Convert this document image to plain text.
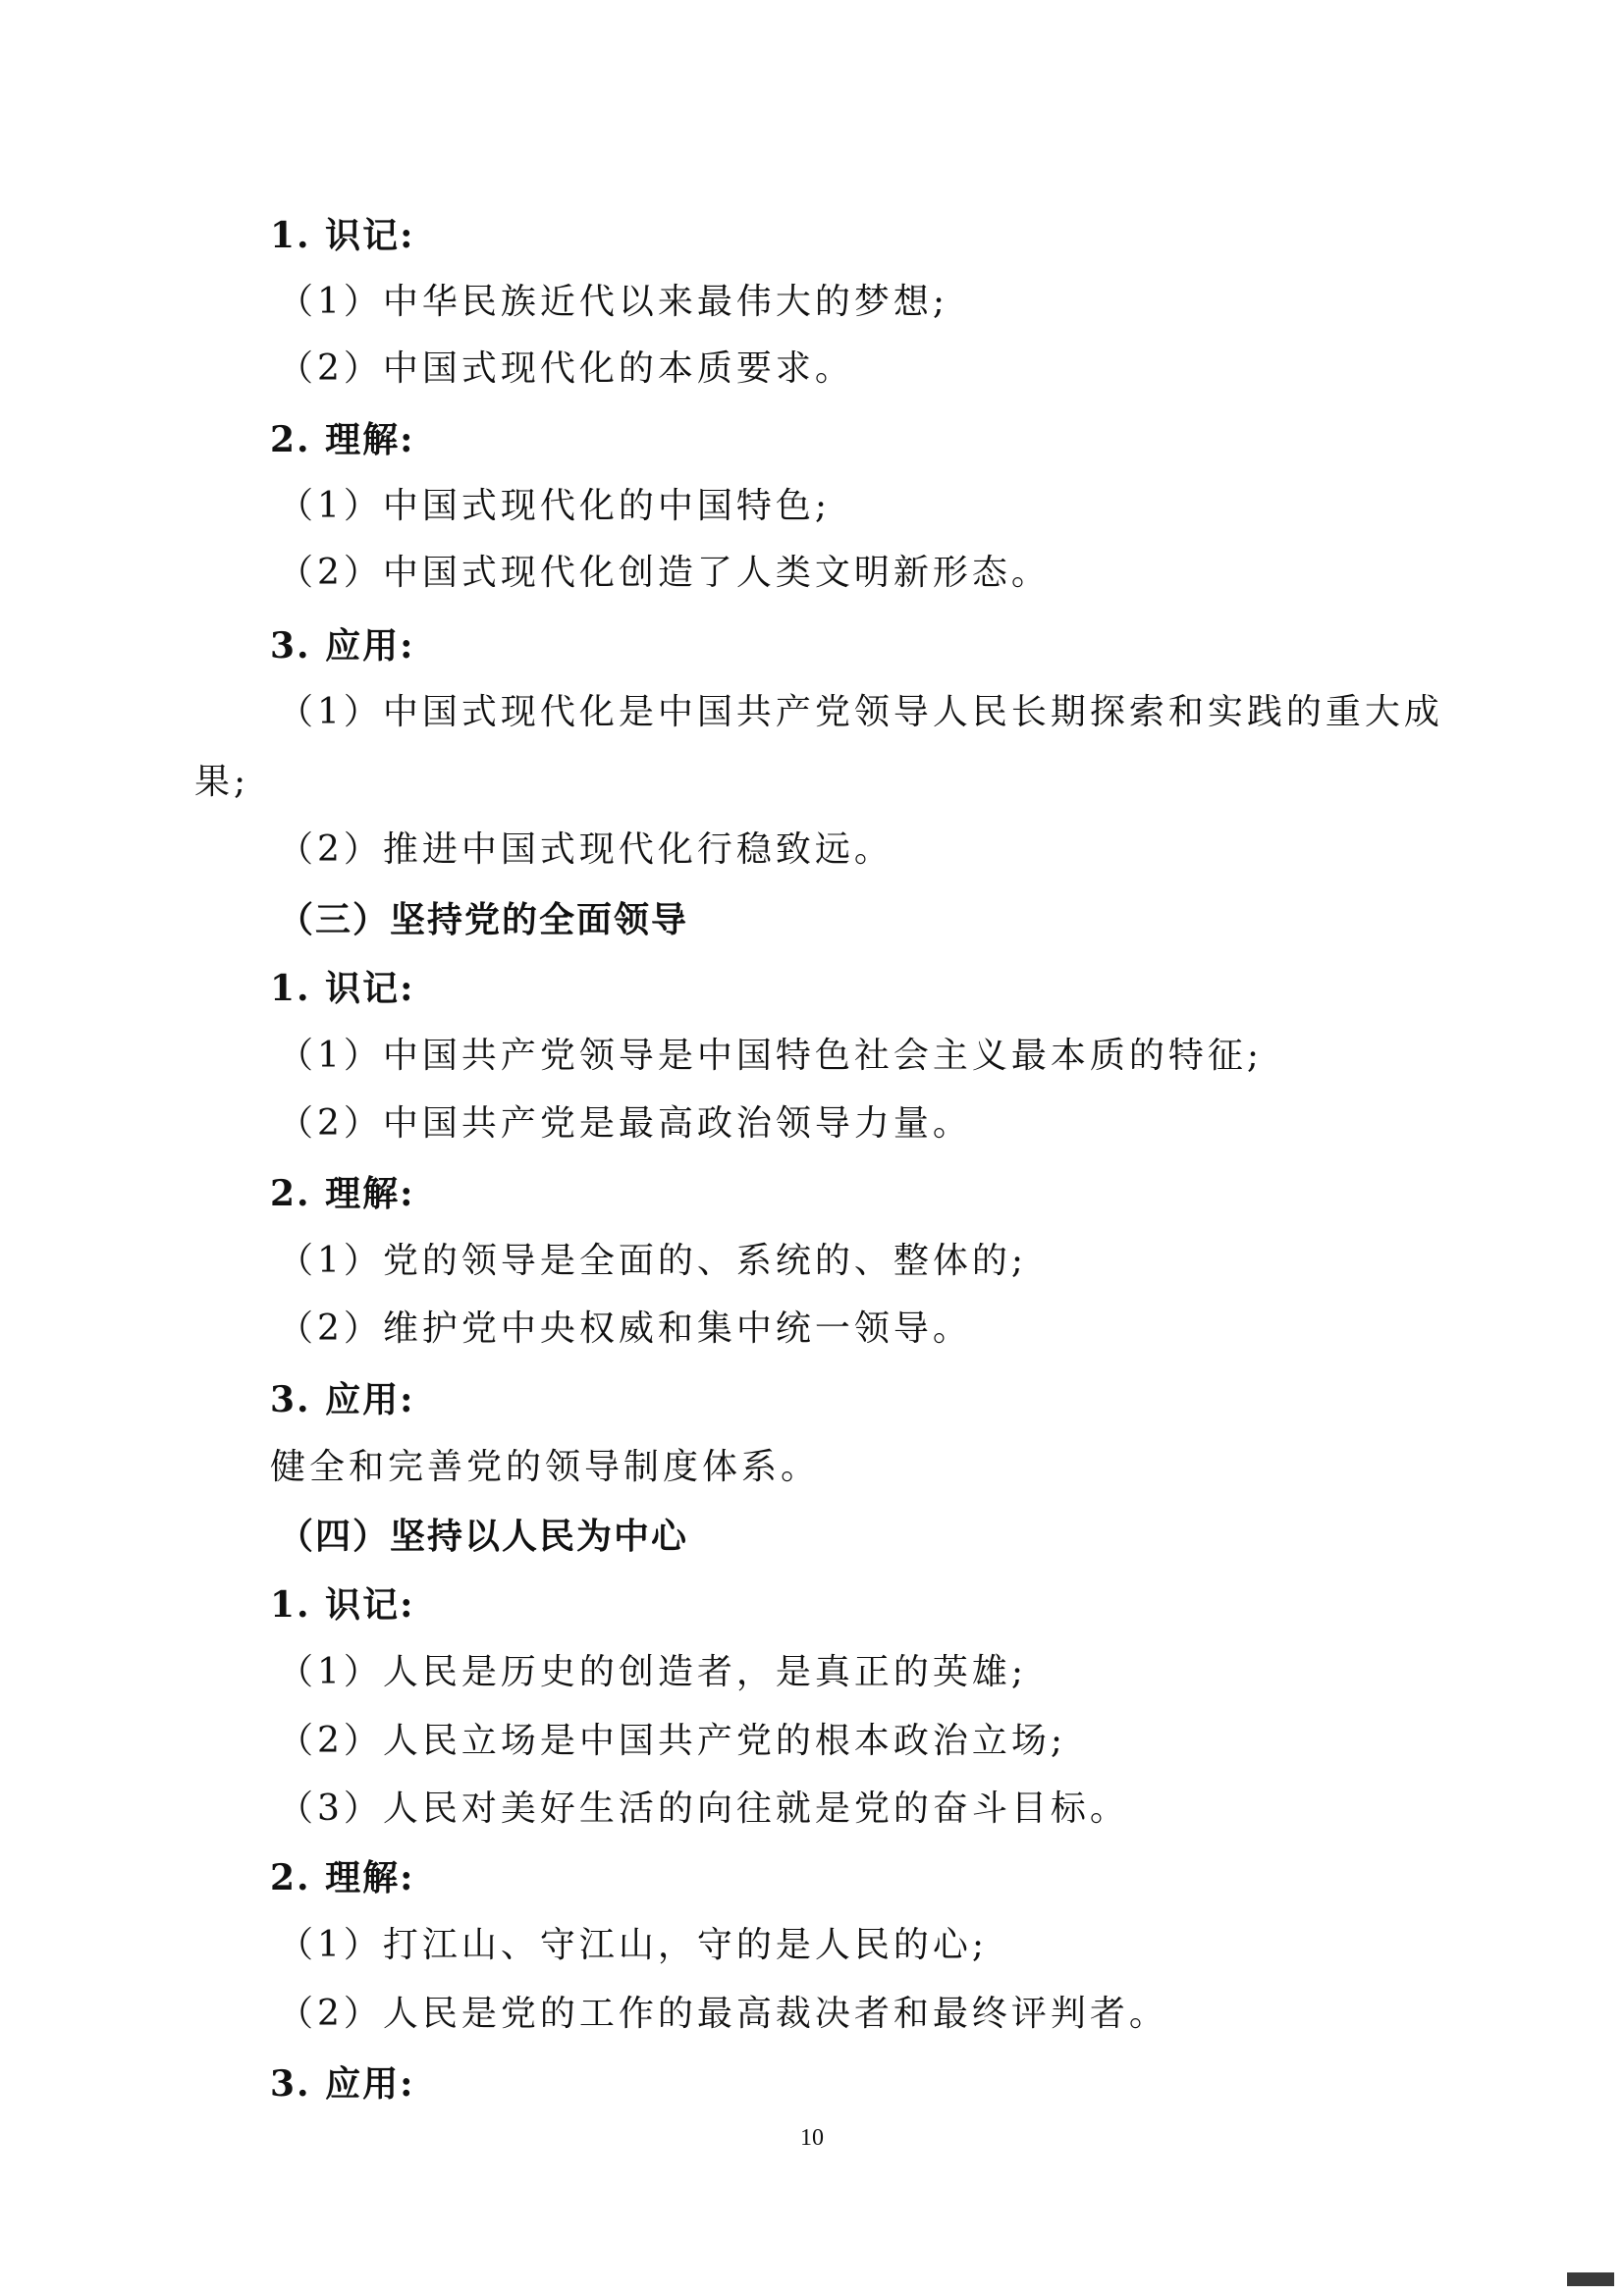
1. 识记:
（1）中华民族近代以来最伟大的梦想;
（2）中国式现代化的本质要求。
2. 理解:
（1）中国式现代化的中国特色;
（2）中国式现代化创造了人类文明新形态。
3. 应用:
（1）中国式现代化是中国共产党领导人民长期探索和实践的重大成
果;
（2）推进中国式现代化行稳致远。
（三）坚持党的全面领导
1. 识记:
（1）中国共产党领导是中国特色社会主义最本质的特征;
（2）中国共产党是最高政治领导力量。
2. 理解:
（1）党的领导是全面的、系统的、整体的;
（2）维护党中央权威和集中统一领导。
3. 应用:
健全和完善党的领导制度体系。
（四）坚持以人民为中心
1. 识记:
（1）人民是历史的创造者，是真正的英雄;
（2）人民立场是中国共产党的根本政治立场;
（3）人民对美好生活的向往就是党的奋斗目标。
2. 理解:
（1）打江山、守江山，守的是人民的心;
（2）人民是党的工作的最高裁决者和最终评判者。
3. 应用:
10
